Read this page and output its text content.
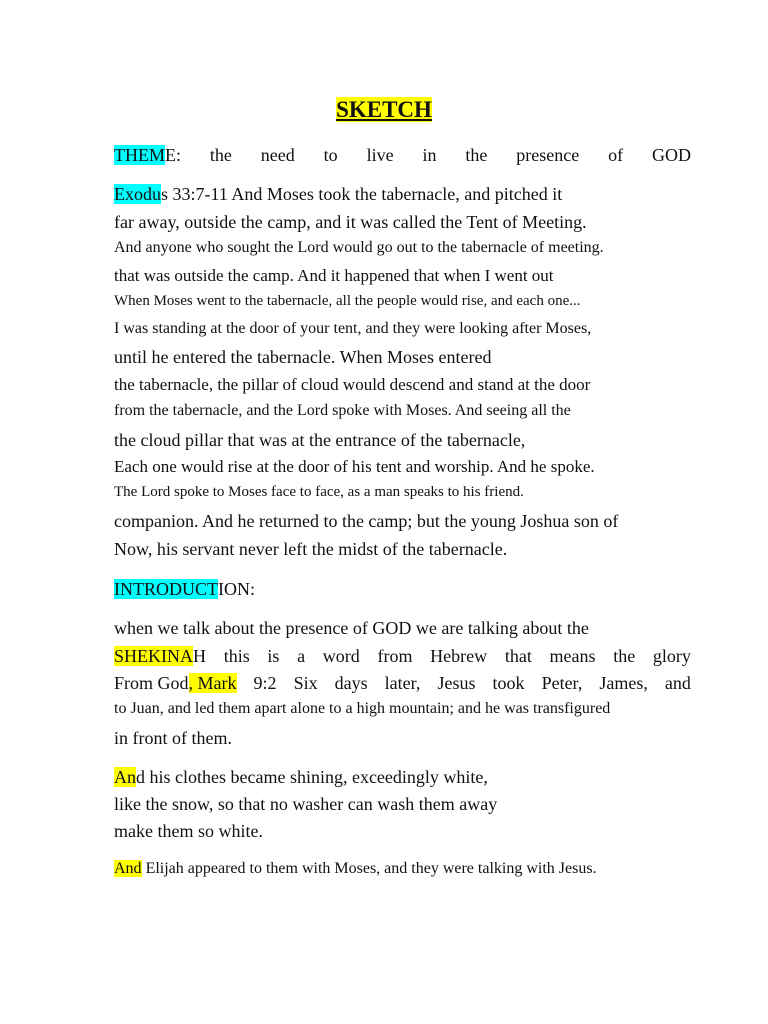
SKETCH
THEME: the need to live in the presence of GOD
Exodus 33:7-11 And Moses took the tabernacle, and pitched it
far away, outside the camp, and it was called the Tent of Meeting.
And anyone who sought the Lord would go out to the tabernacle of meeting.
that was outside the camp. And it happened that when I went out
When Moses went to the tabernacle, all the people would rise, and each one...
I was standing at the door of your tent, and they were looking after Moses,
until he entered the tabernacle. When Moses entered
the tabernacle, the pillar of cloud would descend and stand at the door
from the tabernacle, and the Lord spoke with Moses. And seeing all the
the cloud pillar that was at the entrance of the tabernacle,
Each one would rise at the door of his tent and worship. And he spoke.
The Lord spoke to Moses face to face, as a man speaks to his friend.
companion. And he returned to the camp; but the young Joshua son of
Now, his servant never left the midst of the tabernacle.
INTRODUCTION:
when we talk about the presence of GOD we are talking about the
SHEKINAH this is a word from Hebrew that means the glory
From God, Mark 9:2 Six days later, Jesus took Peter, James, and
to Juan, and led them apart alone to a high mountain; and he was transfigured
in front of them.
And his clothes became shining, exceedingly white,
like the snow, so that no washer can wash them away
make them so white.
And Elijah appeared to them with Moses, and they were talking with Jesus.
